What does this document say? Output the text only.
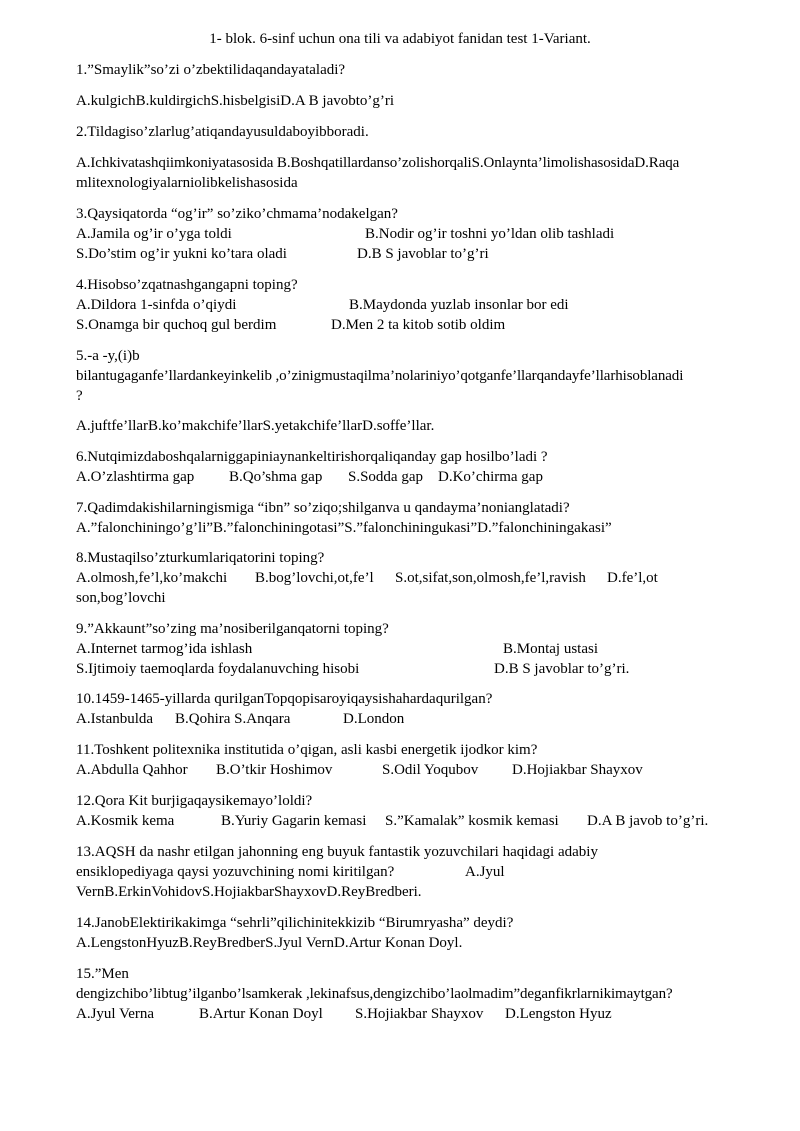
1- blok. 6-sinf uchun ona tili va adabiyot fanidan test 1-Variant.
1.”Smaylik”so’zi o’zbektilidaqandayataladi?
A.kulgichB.kuldirgichS.hisbelgisiD.A B javobto’g’ri
2.Tildagiso’zlarlug’atiqandayusuldaboyibboradi.
A.Ichkivatashqiimkoniyatasosida B.Boshqatillardanso’zolishorqaliS.Onlaynta’limolishasosidaD.Raqa
mlitexnologiyalarniolibkelishasosida
3.Qaysiqatorda “og’ir” so’ziko’chmama’nodakelgan?
A.Jamila og’ir o’yga toldi	B.Nodir og’ir toshni yo’ldan olib tashladi
S.Do’stim og’ir yukni ko’tara oladi	D.B S javoblar to’g’ri
4.Hisobso’zqatnashgangapni toping?
A.Dildora 1-sinfda o’qiydi	B.Maydonda yuzlab insonlar bor edi
S.Onamga bir quchoq gul berdim	D.Men 2 ta kitob sotib oldim
5.-a -y,(i)b
bilantugaganfe’llardankeyinkelib ,o’zinigmustaqilma’nolariniyo’qotganfe’llarqandayfe’llarhisoblanadi
?
A.juftfe’llarB.ko’makchife’llarS.yetakchife’llarD.soffe’llar.
6.Nutqimizdaboshqalarniggapiniaynankeltirishorqaliqanday gap hosilbo’ladi ?
A.O’zlashtirma gap B.Qo’shma gap S.Sodda gap D.Ko’chirma gap
7.Qadimdakishilarningismiga “ibn” so’ziqo;shilganva u qandayma’nonianglatadi?
A.”falonchiningo’g’li”B.”falonchiningotasi”S.”falonchiningukasi”D.”falonchiningakasi”
8.Mustaqilso’zturkumlariqatorini toping?
A.olmosh,fe’l,ko’makchi B.bog’lovchi,ot,fe’l S.ot,sifat,son,olmosh,fe’l,ravish D.fe’l,ot
son,bog’lovchi
9.”Akkaunt”so’zing ma’nosiberilganqatorni toping?
A.Internet tarmog’ida ishlash	B.Montaj ustasi
S.Ijtimoiy taemoqlarda foydalanuvching hisobi	D.B S javoblar to’g’ri.
10.1459-1465-yillarda qurilganTopqopisaroyiqaysishahardaqurilgan?
A.Istanbulda B.Qohira S.Anqara	D.London
11.Toshkent politexnika institutida o’qigan, asli kasbi energetik ijodkor kim?
A.Abdulla Qahhor B.O’tkir Hoshimov	S.Odil Yoqubov D.Hojiakbar Shayxov
12.Qora Kit burjigaqaysikemayo’loldi?
A.Kosmik kema	B.Yuriy Gagarin kemasi S.”Kamalak” kosmik kemasi D.A B javob to’g’ri.
13.AQSH da nashr etilgan jahonning eng buyuk fantastik yozuvchilari haqidagi adabiy
ensiklopediyaga qaysi yozuvchining nomi kiritilgan?	A.Jyul
VernB.ErkinVohidovS.HojiakbarShayxovD.ReyBredberi.
14.JanobElektirikakimga “sehrli”qilichinitekkizib “Birumryasha” deydi?
A.LengstonHyuzB.ReyBredberS.Jyul VernD.Artur Konan Doyl.
15.”Men
dengizchibo’libtug’ilganbo’lsamkerak ,lekinafsus,dengizchibo’laolmadim”deganfikrlarnikimaytgan?
A.Jyul Verna	B.Artur Konan Doyl S.Hojiakbar Shayxov D.Lengston Hyuz
